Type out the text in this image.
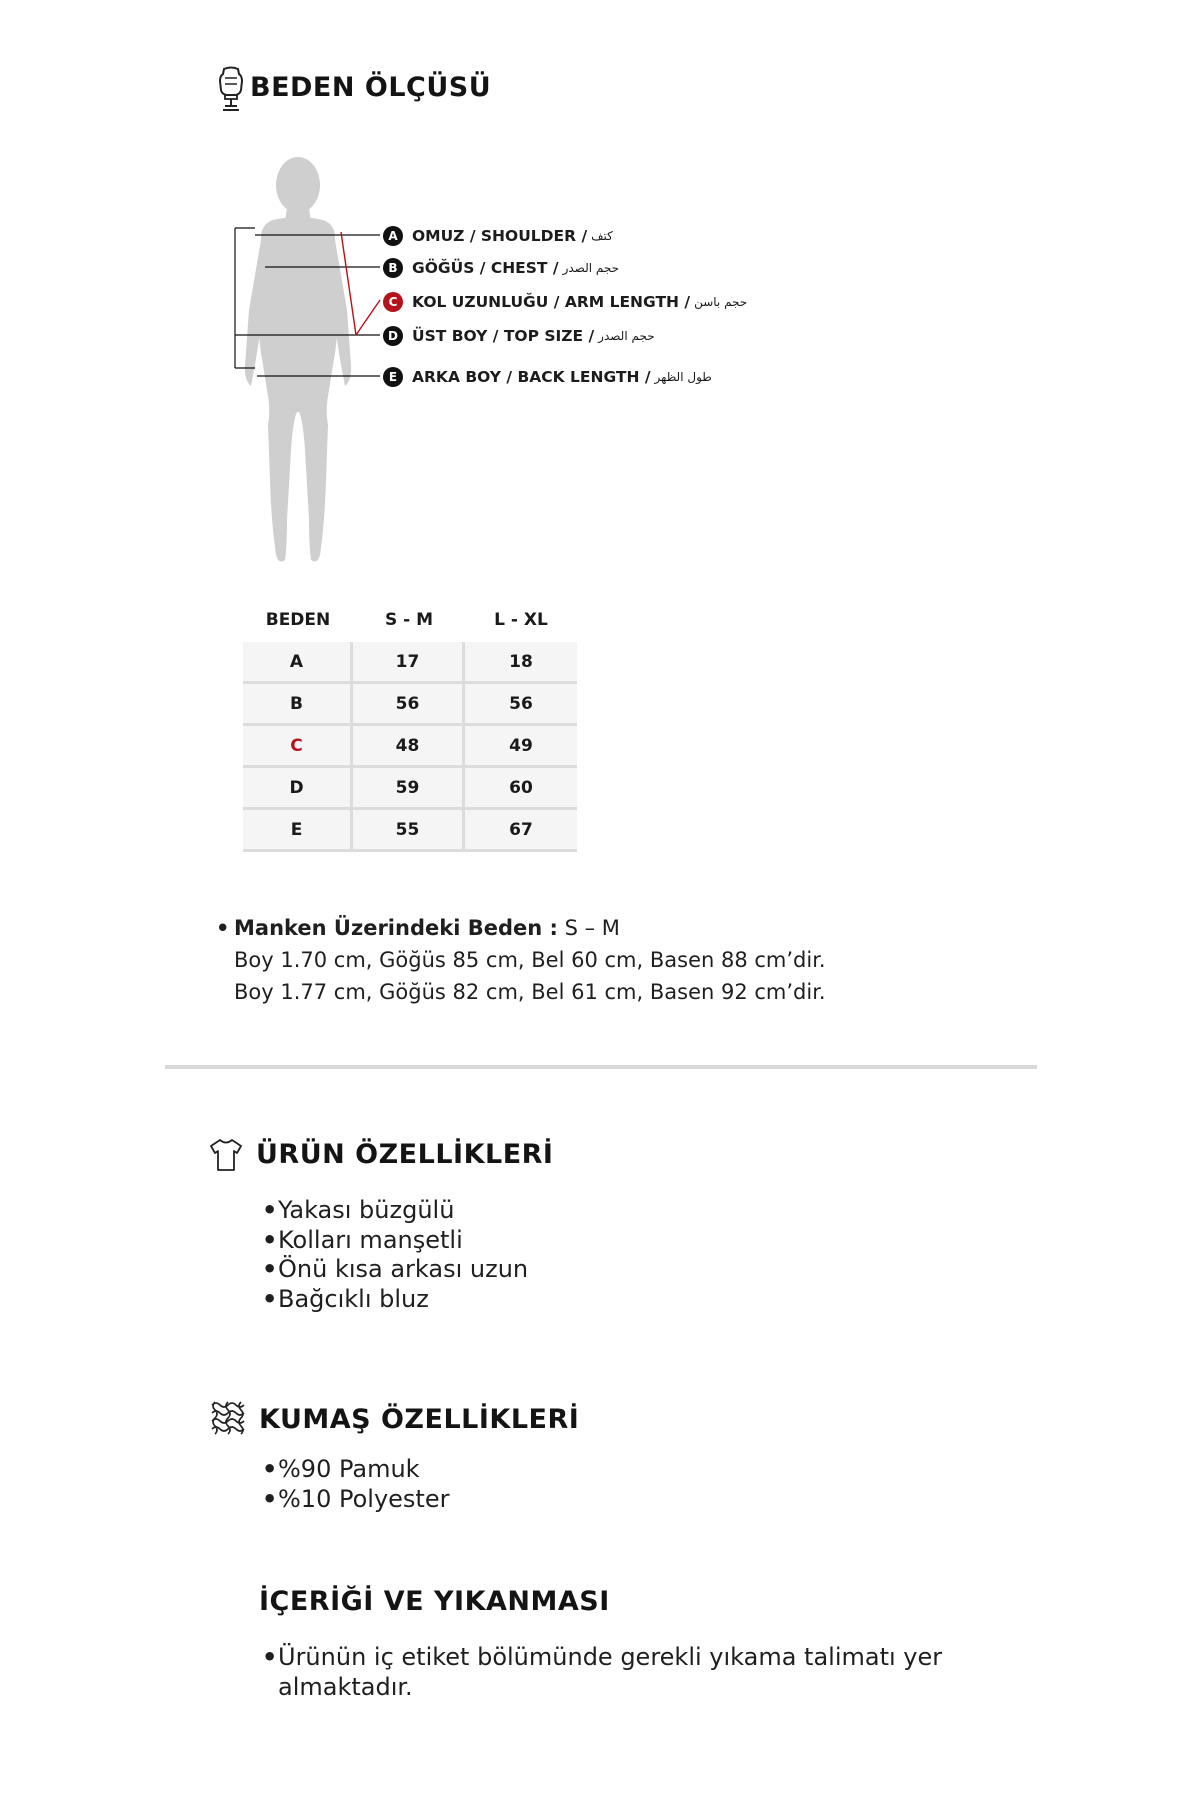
BEDEN ÖLÇÜSÜ
A OMUZ / SHOULDER / كتف
B GÖĞÜS / CHEST / حجم الصدر
C KOL UZUNLUĞU / ARM LENGTH / حجم باسن
D ÜST BOY / TOP SIZE / حجم الصدر
E ARKA BOY / BACK LENGTH / طول الظهر
BEDEN	S - M	L - XL
A	17	18
B	56	56
C	48	49
D	59	60
E	55	67
• Manken Üzerindeki Beden : S – M
Boy 1.70 cm, Göğüs 85 cm, Bel 60 cm, Basen 88 cm’dir.
Boy 1.77 cm, Göğüs 82 cm, Bel 61 cm, Basen 92 cm’dir.
ÜRÜN ÖZELLİKLERİ
•Yakası büzgülü
•Kolları manşetli
•Önü kısa arkası uzun
•Bağcıklı bluz
KUMAŞ ÖZELLİKLERİ
•%90 Pamuk
•%10 Polyester
İÇERİĞİ VE YIKANMASI
•Ürünün iç etiket bölümünde gerekli yıkama talimatı yer
almaktadır.
